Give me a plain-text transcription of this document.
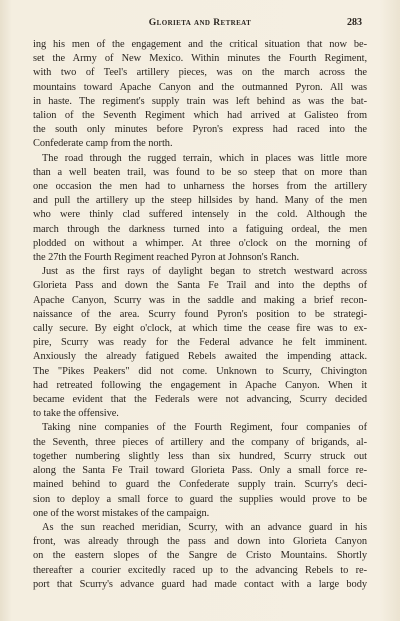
Glorieta and Retreat	283
ing his men of the engagement and the critical situation that now be-
set the Army of New Mexico. Within minutes the Fourth Regiment,
with two of Teel's artillery pieces, was on the march across the
mountains toward Apache Canyon and the outmanned Pyron. All was
in haste. The regiment's supply train was left behind as was the bat-
talion of the Seventh Regiment which had arrived at Galisteo from
the south only minutes before Pyron's express had raced into the
Confederate camp from the north.
The road through the rugged terrain, which in places was little more
than a well beaten trail, was found to be so steep that on more than
one occasion the men had to unharness the horses from the artillery
and pull the artillery up the steep hillsides by hand. Many of the men
who were thinly clad suffered intensely in the cold. Although the
march through the darkness turned into a fatiguing ordeal, the men
plodded on without a whimper. At three o'clock on the morning of
the 27th the Fourth Regiment reached Pyron at Johnson's Ranch.
Just as the first rays of daylight began to stretch westward across
Glorieta Pass and down the Santa Fe Trail and into the depths of
Apache Canyon, Scurry was in the saddle and making a brief recon-
naissance of the area. Scurry found Pyron's position to be strategi-
cally secure. By eight o'clock, at which time the cease fire was to ex-
pire, Scurry was ready for the Federal advance he felt imminent.
Anxiously the already fatigued Rebels awaited the impending attack.
The "Pikes Peakers" did not come. Unknown to Scurry, Chivington
had retreated following the engagement in Apache Canyon. When it
became evident that the Federals were not advancing, Scurry decided
to take the offensive.
Taking nine companies of the Fourth Regiment, four companies of
the Seventh, three pieces of artillery and the company of brigands, al-
together numbering slightly less than six hundred, Scurry struck out
along the Santa Fe Trail toward Glorieta Pass. Only a small force re-
mained behind to guard the Confederate supply train. Scurry's deci-
sion to deploy a small force to guard the supplies would prove to be
one of the worst mistakes of the campaign.
As the sun reached meridian, Scurry, with an advance guard in his
front, was already through the pass and down into Glorieta Canyon
on the eastern slopes of the Sangre de Cristo Mountains. Shortly
thereafter a courier excitedly raced up to the advancing Rebels to re-
port that Scurry's advance guard had made contact with a large body
